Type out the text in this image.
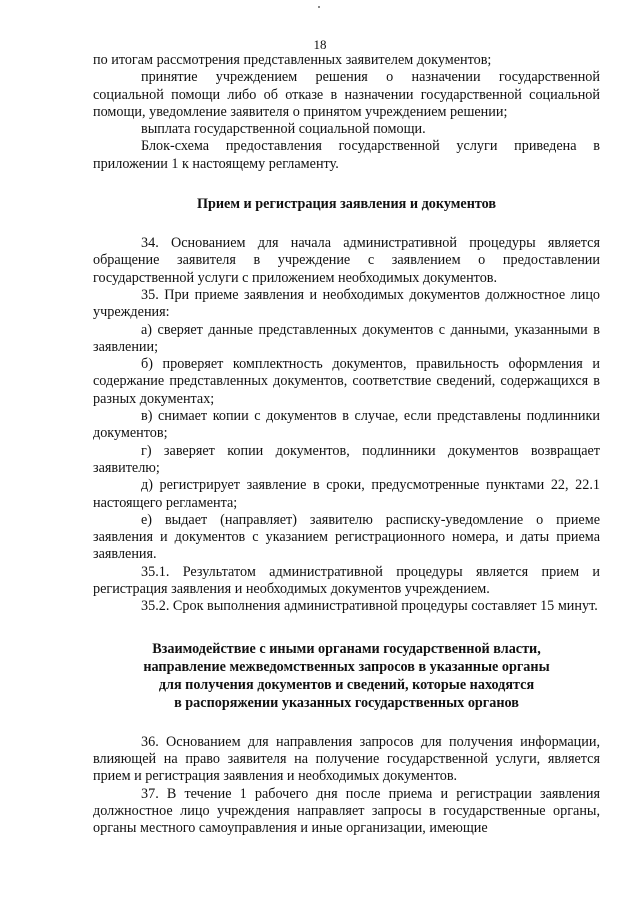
18

по итогам рассмотрения представленных заявителем документов;

принятие учреждением решения о назначении государственной социальной помощи либо об отказе в назначении государственной социальной помощи, уведомление заявителя о принятом учреждением решении;

выплата государственной социальной помощи.

Блок-схема предоставления государственной услуги приведена в приложении 1 к настоящему регламенту.

Прием и регистрация заявления и документов

34. Основанием для начала административной процедуры является обращение заявителя в учреждение с заявлением о предоставлении государственной услуги с приложением необходимых документов.

35. При приеме заявления и необходимых документов должностное лицо учреждения:

а) сверяет данные представленных документов с данными, указанными в заявлении;

б) проверяет комплектность документов, правильность оформления и содержание представленных документов, соответствие сведений, содержащихся в разных документах;

в) снимает копии с документов в случае, если представлены подлинники документов;

г) заверяет копии документов, подлинники документов возвращает заявителю;

д) регистрирует заявление в сроки, предусмотренные пунктами 22, 22.1 настоящего регламента;

е) выдает (направляет) заявителю расписку-уведомление о приеме заявления и документов с указанием регистрационного номера, и даты приема заявления.

35.1. Результатом административной процедуры является прием и регистрация заявления и необходимых документов учреждением.

35.2. Срок выполнения административной процедуры составляет 15 минут.

Взаимодействие с иными органами государственной власти,

направление межведомственных запросов в указанные органы

для получения документов и сведений, которые находятся

в распоряжении указанных государственных органов

36. Основанием для направления запросов для получения информации, влияющей на право заявителя на получение государственной услуги, является прием и регистрация заявления и необходимых документов.

37. В течение 1 рабочего дня после приема и регистрации заявления должностное лицо учреждения направляет запросы в государственные органы, органы местного самоуправления и иные организации, имеющие
